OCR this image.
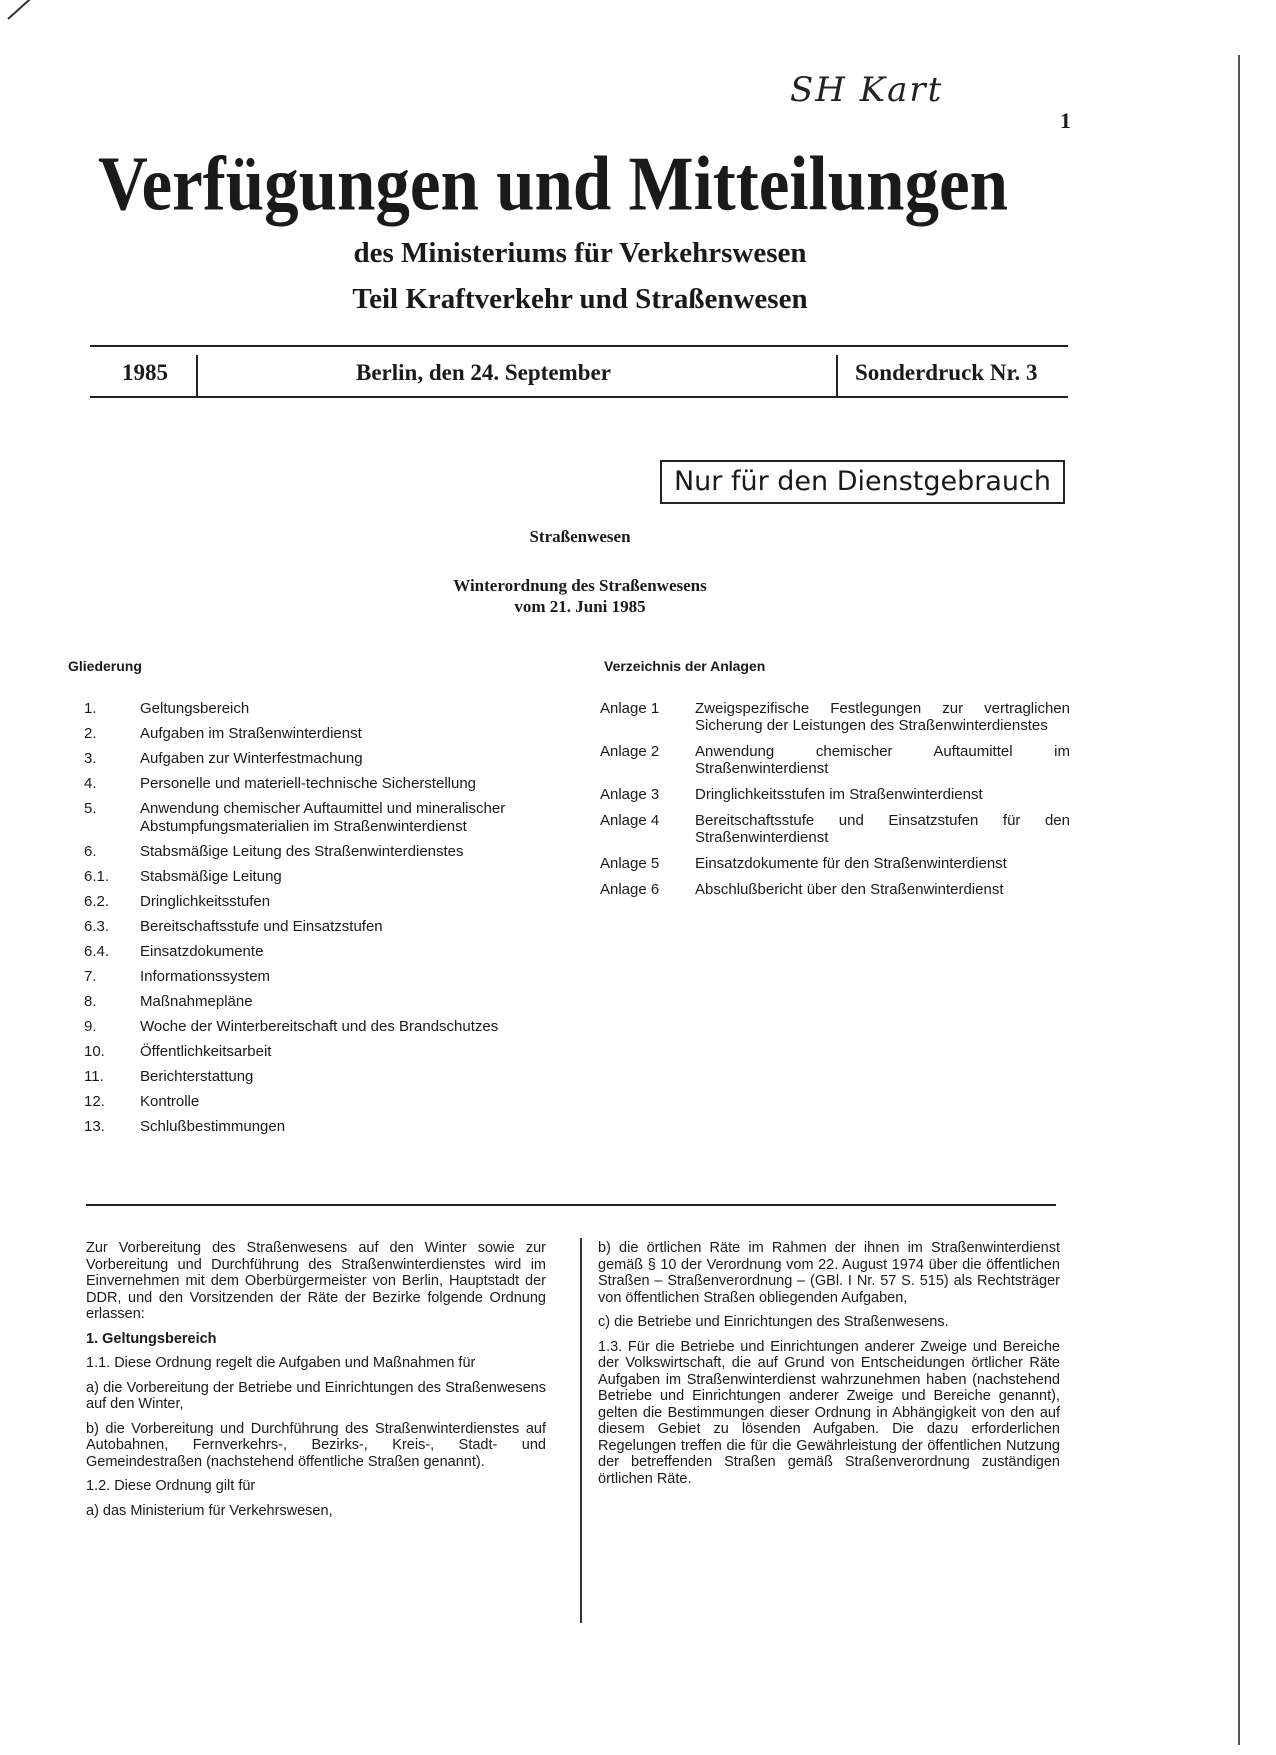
SH Kart
1
Verfügungen und Mitteilungen
des Ministeriums für Verkehrswesen
Teil Kraftverkehr und Straßenwesen
1985	Berlin, den 24. September	Sonderdruck Nr. 3
Nur für den Dienstgebrauch
Straßenwesen
Winterordnung des Straßenwesens
vom 21. Juni 1985
Gliederung
1.	Geltungsbereich
2.	Aufgaben im Straßenwinterdienst
3.	Aufgaben zur Winterfestmachung
4.	Personelle und materiell-technische Sicherstellung
5.	Anwendung chemischer Auftaumittel und mineralischer Abstumpfungsmaterialien im Straßenwinterdienst
6.	Stabsmäßige Leitung des Straßenwinterdienstes
6.1.	Stabsmäßige Leitung
6.2.	Dringlichkeitsstufen
6.3.	Bereitschaftsstufe und Einsatzstufen
6.4.	Einsatzdokumente
7.	Informationssystem
8.	Maßnahmepläne
9.	Woche der Winterbereitschaft und des Brandschutzes
10.	Öffentlichkeitsarbeit
11.	Berichterstattung
12.	Kontrolle
13.	Schlußbestimmungen
Verzeichnis der Anlagen
Anlage 1	Zweigspezifische Festlegungen zur vertraglichen Sicherung der Leistungen des Straßenwinterdienstes
Anlage 2	Anwendung chemischer Auftaumittel im Straßenwinterdienst
Anlage 3	Dringlichkeitsstufen im Straßenwinterdienst
Anlage 4	Bereitschaftsstufe und Einsatzstufen für den Straßenwinterdienst
Anlage 5	Einsatzdokumente für den Straßenwinterdienst
Anlage 6	Abschlußbericht über den Straßenwinterdienst

Zur Vorbereitung des Straßenwesens auf den Winter sowie zur Vorbereitung und Durchführung des Straßenwinterdienstes wird im Einvernehmen mit dem Oberbürgermeister von Berlin, Hauptstadt der DDR, und den Vorsitzenden der Räte der Bezirke folgende Ordnung erlassen:

1. Geltungsbereich

1.1. Diese Ordnung regelt die Aufgaben und Maßnahmen für

a) die Vorbereitung der Betriebe und Einrichtungen des Straßenwesens auf den Winter,

b) die Vorbereitung und Durchführung des Straßenwinterdienstes auf Autobahnen, Fernverkehrs-, Bezirks-, Kreis-, Stadt- und Gemeindestraßen (nachstehend öffentliche Straßen genannt).

1.2. Diese Ordnung gilt für

a) das Ministerium für Verkehrswesen,

b) die örtlichen Räte im Rahmen der ihnen im Straßenwinterdienst gemäß § 10 der Verordnung vom 22. August 1974 über die öffentlichen Straßen – Straßenverordnung – (GBl. I Nr. 57 S. 515) als Rechtsträger von öffentlichen Straßen obliegenden Aufgaben,

c) die Betriebe und Einrichtungen des Straßenwesens.

1.3. Für die Betriebe und Einrichtungen anderer Zweige und Bereiche der Volkswirtschaft, die auf Grund von Entscheidungen örtlicher Räte Aufgaben im Straßenwinterdienst wahrzunehmen haben (nachstehend Betriebe und Einrichtungen anderer Zweige und Bereiche genannt), gelten die Bestimmungen dieser Ordnung in Abhängigkeit von den auf diesem Gebiet zu lösenden Aufgaben. Die dazu erforderlichen Regelungen treffen die für die Gewährleistung der öffentlichen Nutzung der betreffenden Straßen gemäß Straßenverordnung zuständigen örtlichen Räte.
